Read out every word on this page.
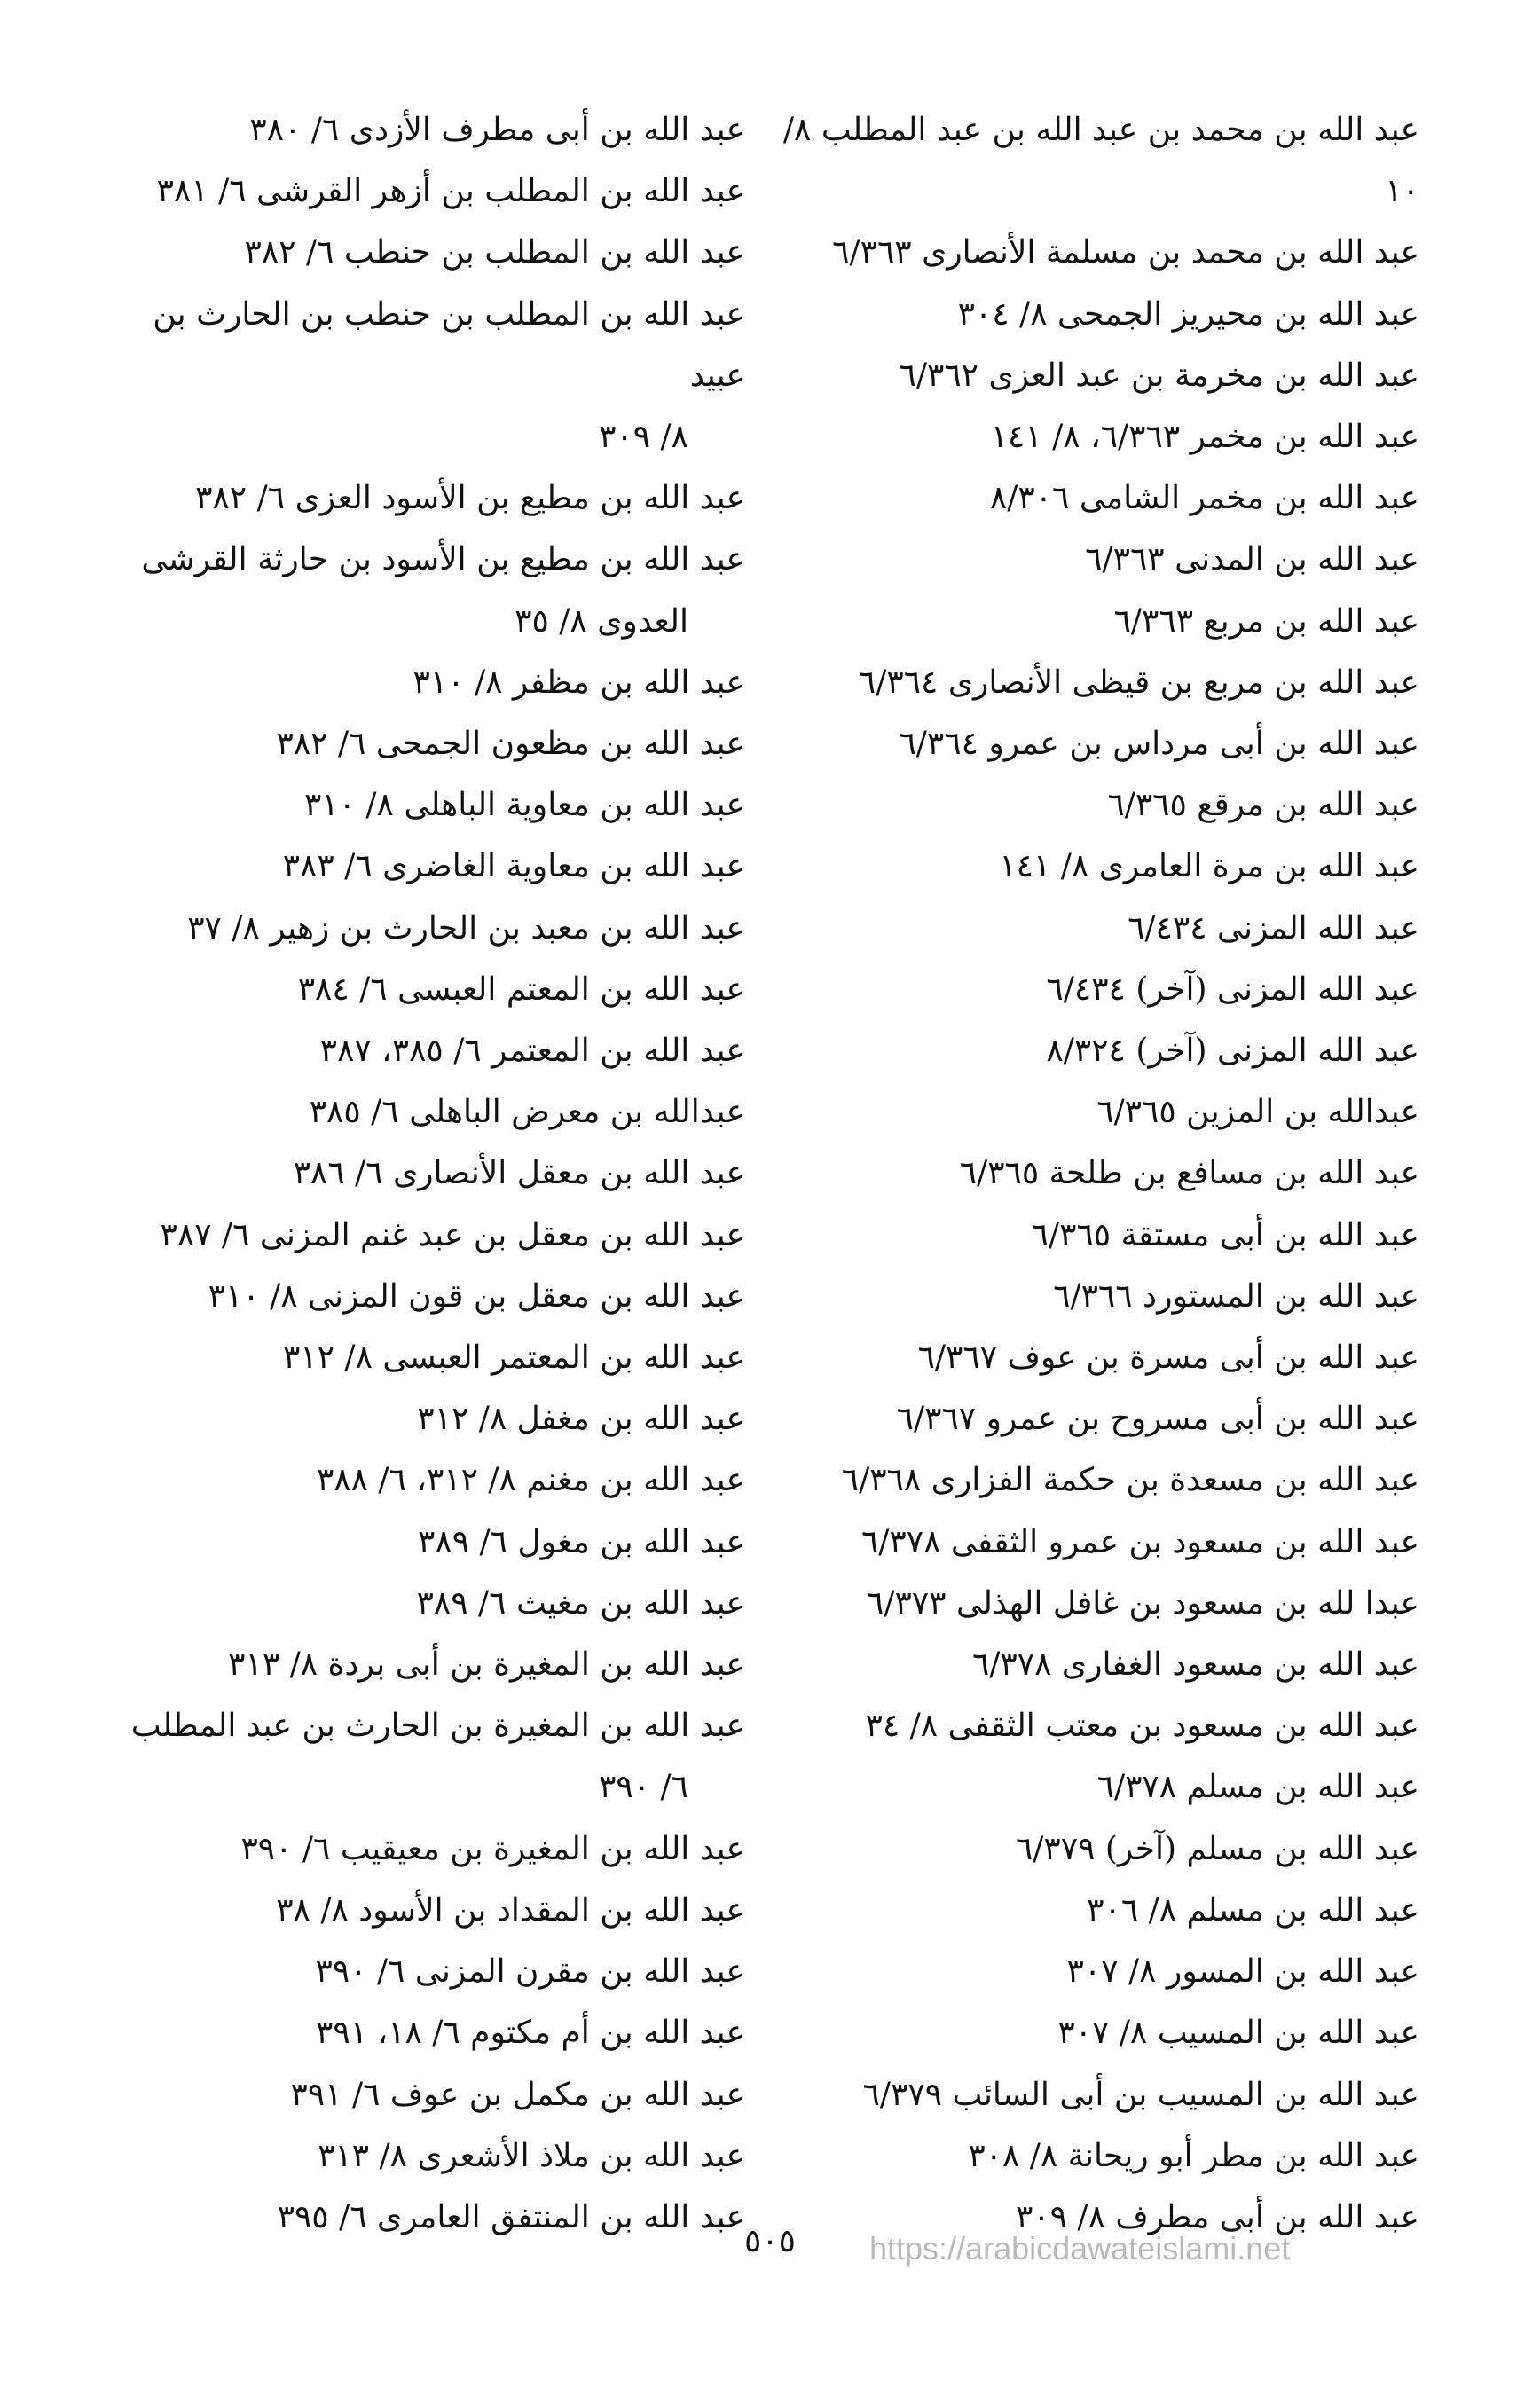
عبد الله بن محمد بن عبد الله بن عبد المطلب ٨/ ١٠

عبد الله بن محمد بن مسلمة الأنصارى ٦/٣٦٣

عبد الله بن محيريز الجمحى ٨/ ٣٠٤

عبد الله بن مخرمة بن عبد العزى ٦/٣٦٢

عبد الله بن مخمر ٦/٣٦٣، ٨/ ١٤١

عبد الله بن مخمر الشامى ٨/٣٠٦

عبد الله بن المدنى ٦/٣٦٣

عبد الله بن مربع ٦/٣٦٣

عبد الله بن مربع بن قيظى الأنصارى ٦/٣٦٤

عبد الله بن أبى مرداس بن عمرو ٦/٣٦٤

عبد الله بن مرقع ٦/٣٦٥

عبد الله بن مرة العامرى ٨/ ١٤١

عبد الله المزنى ٦/٤٣٤

عبد الله المزنى (آخر) ٦/٤٣٤

عبد الله المزنى (آخر) ٨/٣٢٤

عبدالله بن المزين ٦/٣٦٥

عبد الله بن مسافع بن طلحة ٦/٣٦٥

عبد الله بن أبى مستقة ٦/٣٦٥

عبد الله بن المستورد ٦/٣٦٦

عبد الله بن أبى مسرة بن عوف ٦/٣٦٧

عبد الله بن أبى مسروح بن عمرو ٦/٣٦٧

عبد الله بن مسعدة بن حكمة الفزارى ٦/٣٦٨

عبد الله بن مسعود بن عمرو الثقفى ٦/٣٧٨

عبدا لله بن مسعود بن غافل الهذلى ٦/٣٧٣

عبد الله بن مسعود الغفارى ٦/٣٧٨

عبد الله بن مسعود بن معتب الثقفى ٨/ ٣٤

عبد الله بن مسلم ٦/٣٧٨

عبد الله بن مسلم (آخر) ٦/٣٧٩

عبد الله بن مسلم ٨/ ٣٠٦

عبد الله بن المسور ٨/ ٣٠٧

عبد الله بن المسيب ٨/ ٣٠٧

عبد الله بن المسيب بن أبى السائب ٦/٣٧٩

عبد الله بن مطر أبو ريحانة ٨/ ٣٠٨

عبد الله بن أبى مطرف ٨/ ٣٠٩

عبد الله بن أبى مطرف الأزدى ٦/ ٣٨٠

عبد الله بن المطلب بن أزهر القرشى ٦/ ٣٨١

عبد الله بن المطلب بن حنطب ٦/ ٣٨٢

عبد الله بن المطلب بن حنطب بن الحارث بن عبيد
٨/ ٣٠٩

عبد الله بن مطيع بن الأسود العزى ٦/ ٣٨٢

عبد الله بن مطيع بن الأسود بن حارثة القرشى
العدوى ٨/ ٣٥

عبد الله بن مظفر ٨/ ٣١٠

عبد الله بن مظعون الجمحى ٦/ ٣٨٢

عبد الله بن معاوية الباهلى ٨/ ٣١٠

عبد الله بن معاوية الغاضرى ٦/ ٣٨٣

عبد الله بن معبد بن الحارث بن زهير ٨/ ٣٧

عبد الله بن المعتم العبسى ٦/ ٣٨٤

عبد الله بن المعتمر ٦/ ٣٨٥، ٣٨٧

عبدالله بن معرض الباهلى ٦/ ٣٨٥

عبد الله بن معقل الأنصارى ٦/ ٣٨٦

عبد الله بن معقل بن عبد غنم المزنى ٦/ ٣٨٧

عبد الله بن معقل بن قون المزنى ٨/ ٣١٠

عبد الله بن المعتمر العبسى ٨/ ٣١٢

عبد الله بن مغفل ٨/ ٣١٢

عبد الله بن مغنم ٨/ ٣١٢، ٦/ ٣٨٨

عبد الله بن مغول ٦/ ٣٨٩

عبد الله بن مغيث ٦/ ٣٨٩

عبد الله بن المغيرة بن أبى بردة ٨/ ٣١٣

عبد الله بن المغيرة بن الحارث بن عبد المطلب
٦/ ٣٩٠

عبد الله بن المغيرة بن معيقيب ٦/ ٣٩٠

عبد الله بن المقداد بن الأسود ٨/ ٣٨

عبد الله بن مقرن المزنى ٦/ ٣٩٠

عبد الله بن أم مكتوم ٦/ ١٨، ٣٩١

عبد الله بن مكمل بن عوف ٦/ ٣٩١

عبد الله بن ملاذ الأشعرى ٨/ ٣١٣

عبد الله بن المنتفق العامرى ٦/ ٣٩٥

٥٠٥	https://arabicdawateislami.net
